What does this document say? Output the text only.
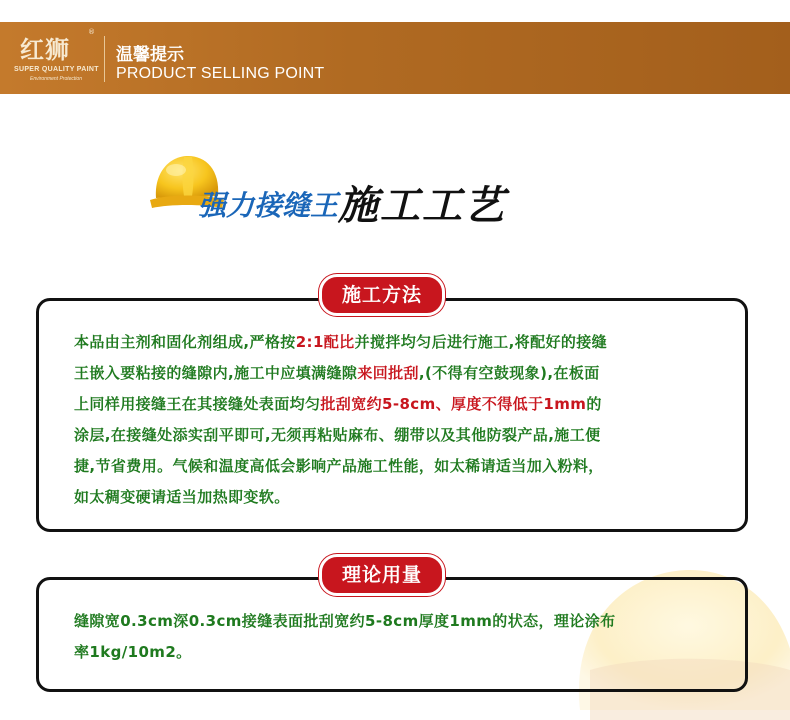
红狮
®
SUPER QUALITY PAINT
Environment Protection
温馨提示
PRODUCT SELLING POINT
强力接缝王施工工艺
施工方法
本品由主剂和固化剂组成,严格按2:1配比并搅拌均匀后进行施工,将配好的接缝
王嵌入要粘接的缝隙内,施工中应填满缝隙来回批刮,(不得有空鼓现象),在板面
上同样用接缝王在其接缝处表面均匀批刮宽约5-8cm、厚度不得低于1mm的
涂层,在接缝处添实刮平即可,无须再粘贴麻布、绷带以及其他防裂产品,施工便
捷,节省费用。气候和温度高低会影响产品施工性能，如太稀请适当加入粉料，
如太稠变硬请适当加热即变软。
理论用量
缝隙宽0.3cm深0.3cm接缝表面批刮宽约5-8cm厚度1mm的状态，理论涂布
率1kg/10m2。
